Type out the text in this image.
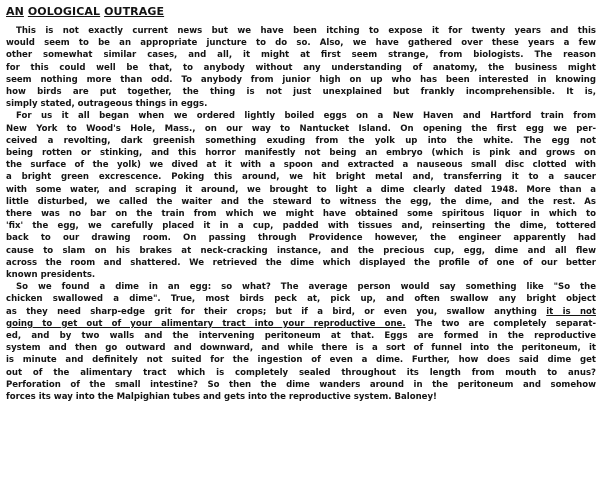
AN OOLOGICAL OUTRAGE
This is not exactly current news but we have been itching to expose it for twenty years and this
would seem to be an appropriate juncture to do so. Also, we have gathered over these years a few
other somewhat similar cases, and all, it might at first seem strange, from biologists. The reason
for this could well be that, to anybody without any understanding of anatomy, the business might
seem nothing more than odd. To anybody from junior high on up who has been interested in knowing
how birds are put together, the thing is not just unexplained but frankly incomprehensible. It is,
simply stated, outrageous things in eggs.
For us it all began when we ordered lightly boiled eggs on a New Haven and Hartford train from
New York to Wood's Hole, Mass., on our way to Nantucket Island. On opening the first egg we per-
ceived a revolting, dark greenish something exuding from the yolk up into the white. The egg not
being rotten or stinking, and this horror manifestly not being an embryo (which is pink and grows on
the surface of the yolk) we dived at it with a spoon and extracted a nauseous small disc clotted with
a bright green excrescence. Poking this around, we hit bright metal and, transferring it to a saucer
with some water, and scraping it around, we brought to light a dime clearly dated 1948. More than a
little disturbed, we called the waiter and the steward to witness the egg, the dime, and the rest. As
there was no bar on the train from which we might have obtained some spiritous liquor in which to
'fix' the egg, we carefully placed it in a cup, padded with tissues and, reinserting the dime, tottered
back to our drawing room. On passing through Providence however, the engineer apparently had
cause to slam on his brakes at neck-cracking instance, and the precious cup, egg, dime and all flew
across the room and shattered. We retrieved the dime which displayed the profile of one of our better
known presidents.
So we found a dime in an egg: so what? The average person would say something like "So the
chicken swallowed a dime". True, most birds peck at, pick up, and often swallow any bright object
as they need sharp-edge grit for their crops; but if a bird, or even you, swallow anything it is not
going to get out of your alimentary tract into your reproductive one. The two are completely separat-
ed, and by two walls and the intervening peritoneum at that. Eggs are formed in the reproductive
system and then go outward and downward, and while there is a sort of funnel into the peritoneum, it
is minute and definitely not suited for the ingestion of even a dime. Further, how does said dime get
out of the alimentary tract which is completely sealed throughout its length from mouth to anus?
Perforation of the small intestine? So then the dime wanders around in the peritoneum and somehow
forces its way into the Malpighian tubes and gets into the reproductive system. Baloney!
